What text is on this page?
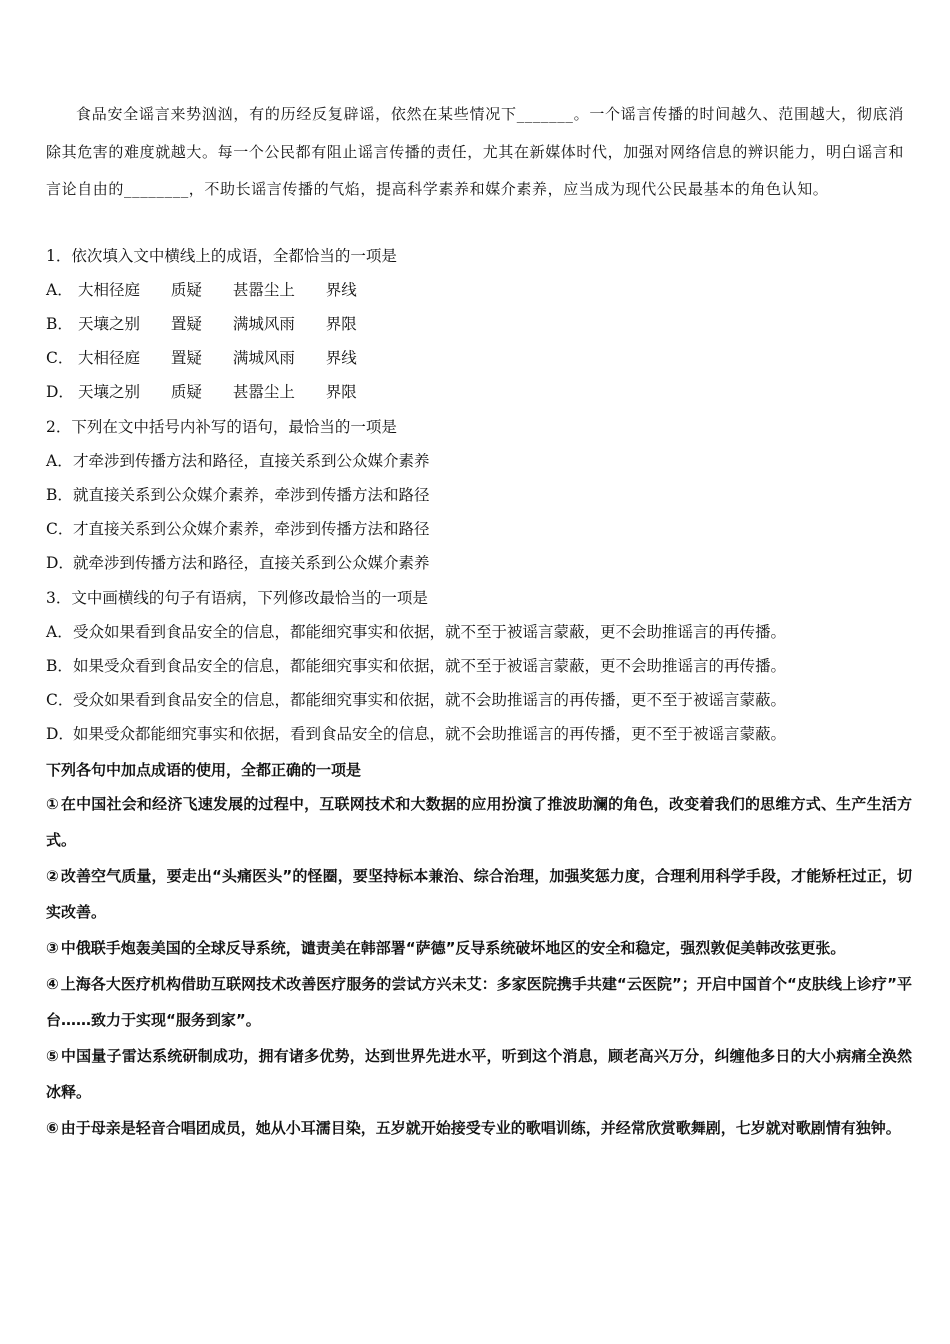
食品安全谣言来势汹汹，有的历经反复辟谣，依然在某些情况下_______。一个谣言传播的时间越久、范围越大，彻底消除其危害的难度就越大。每一个公民都有阻止谣言传播的责任，尤其在新媒体时代，加强对网络信息的辨识能力，明白谣言和言论自由的________，不助长谣言传播的气焰，提高科学素养和媒介素养，应当成为现代公民最基本的角色认知。

1．依次填入文中横线上的成语，全都恰当的一项是
A． 大相径庭 质疑 甚嚣尘上 界线
B． 天壤之别 置疑 满城风雨 界限
C． 大相径庭 置疑 满城风雨 界线
D． 天壤之别 质疑 甚嚣尘上 界限
2．下列在文中括号内补写的语句，最恰当的一项是
A．才牵涉到传播方法和路径，直接关系到公众媒介素养
B．就直接关系到公众媒介素养，牵涉到传播方法和路径
C．才直接关系到公众媒介素养，牵涉到传播方法和路径
D．就牵涉到传播方法和路径，直接关系到公众媒介素养
3．文中画横线的句子有语病，下列修改最恰当的一项是
A．受众如果看到食品安全的信息，都能细究事实和依据，就不至于被谣言蒙蔽，更不会助推谣言的再传播。
B．如果受众看到食品安全的信息，都能细究事实和依据，就不至于被谣言蒙蔽，更不会助推谣言的再传播。
C．受众如果看到食品安全的信息，都能细究事实和依据，就不会助推谣言的再传播，更不至于被谣言蒙蔽。
D．如果受众都能细究事实和依据，看到食品安全的信息，就不会助推谣言的再传播，更不至于被谣言蒙蔽。
下列各句中加点成语的使用，全都正确的一项是

① 在中国社会和经济飞速发展的过程中，互联网技术和大数据的应用扮演了推波助澜的角色，改变着我们的思维方式、生产生活方式。

② 改善空气质量，要走出“头痛医头”的怪圈，要坚持标本兼治、综合治理，加强奖惩力度，合理利用科学手段，才能矫枉过正，切实改善。

③ 中俄联手炮轰美国的全球反导系统，谴责美在韩部署“萨德”反导系统破坏地区的安全和稳定，强烈敦促美韩改弦更张。

④ 上海各大医疗机构借助互联网技术改善医疗服务的尝试方兴未艾：多家医院携手共建“云医院”；开启中国首个“皮肤线上诊疗”平台……致力于实现“服务到家”。

⑤ 中国量子雷达系统研制成功，拥有诸多优势，达到世界先进水平，听到这个消息，顾老高兴万分，纠缠他多日的大小病痛全涣然冰释。

⑥ 由于母亲是轻音合唱团成员，她从小耳濡目染，五岁就开始接受专业的歌唱训练，并经常欣赏歌舞剧，七岁就对歌剧情有独钟。
